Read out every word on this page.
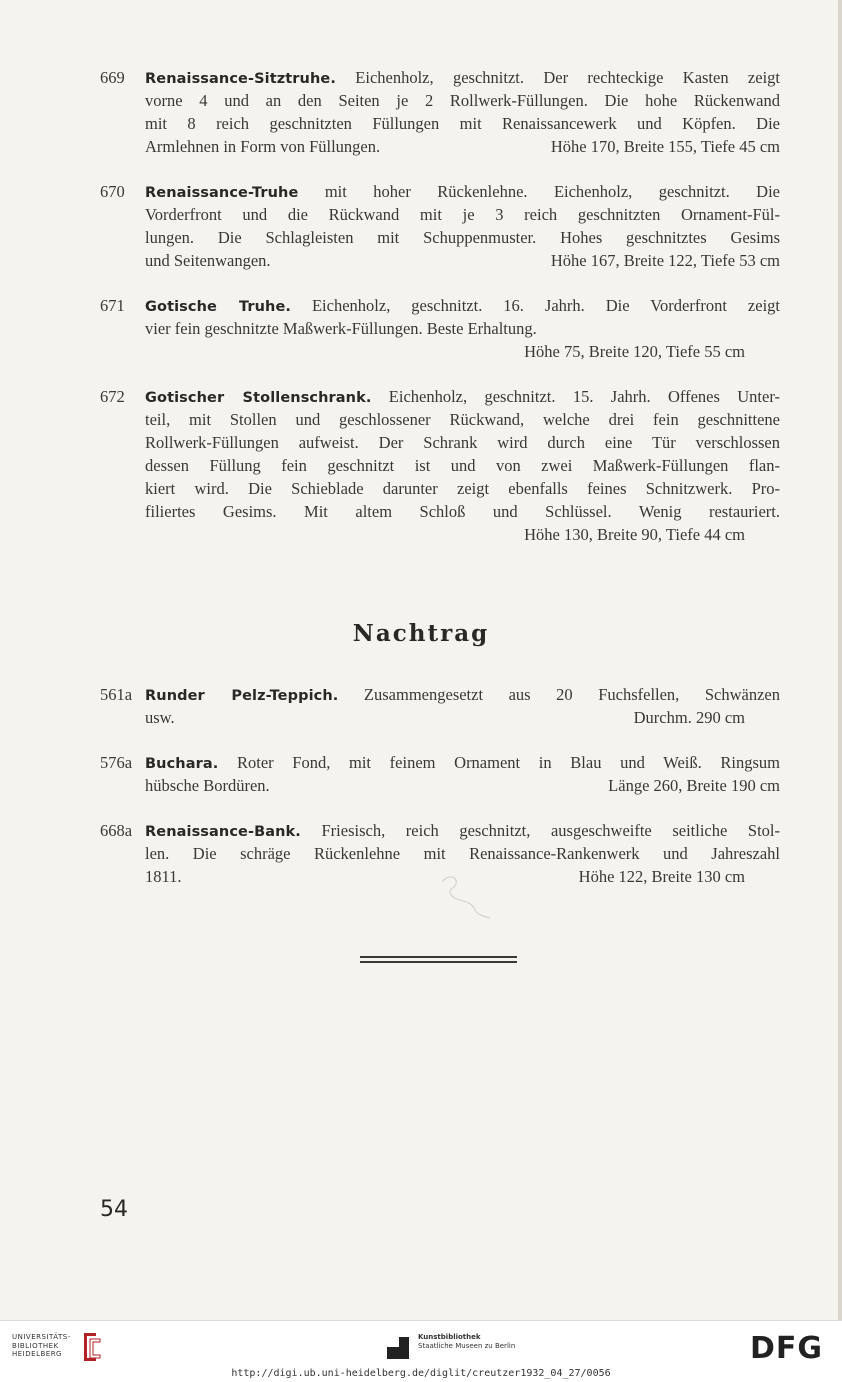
669	Renaissance-Sitztruhe. Eichenholz, geschnitzt. Der rechteckige Kasten zeigt
vorne 4 und an den Seiten je 2 Rollwerk-Füllungen. Die hohe Rückenwand
mit 8 reich geschnitzten Füllungen mit Renaissancewerk und Köpfen. Die
Armlehnen in Form von Füllungen.	Höhe 170, Breite 155, Tiefe 45 cm
670	Renaissance-Truhe mit hoher Rückenlehne. Eichenholz, geschnitzt. Die
Vorderfront und die Rückwand mit je 3 reich geschnitzten Ornament-Fül-
lungen. Die Schlagleisten mit Schuppenmuster. Hohes geschnitztes Gesims
und Seitenwangen.	Höhe 167, Breite 122, Tiefe 53 cm
671	Gotische Truhe. Eichenholz, geschnitzt. 16. Jahrh. Die Vorderfront zeigt
vier fein geschnitzte Maßwerk-Füllungen. Beste Erhaltung.
Höhe 75, Breite 120, Tiefe 55 cm
672	Gotischer Stollenschrank. Eichenholz, geschnitzt. 15. Jahrh. Offenes Unter-
teil, mit Stollen und geschlossener Rückwand, welche drei fein geschnittene
Rollwerk-Füllungen aufweist. Der Schrank wird durch eine Tür verschlossen
dessen Füllung fein geschnitzt ist und von zwei Maßwerk-Füllungen flan-
kiert wird. Die Schieblade darunter zeigt ebenfalls feines Schnitzwerk. Pro-
filiertes Gesims. Mit altem Schloß und Schlüssel. Wenig restauriert.
Höhe 130, Breite 90, Tiefe 44 cm
Nachtrag
561a Runder Pelz-Teppich. Zusammengesetzt aus 20 Fuchsfellen, Schwänzen
usw.	Durchm. 290 cm
576a Buchara. Roter Fond, mit feinem Ornament in Blau und Weiß. Ringsum
hübsche Bordüren.	Länge 260, Breite 190 cm
668a Renaissance-Bank. Friesisch, reich geschnitzt, ausgeschweifte seitliche Stol-
len. Die schräge Rückenlehne mit Renaissance-Rankenwerk und Jahreszahl
1811.	Höhe 122, Breite 130 cm
54
UNIVERSITÄTS-
BIBLIOTHEK
HEIDELBERG
Kunstbibliothek
Staatliche Museen zu Berlin	DFG
http://digi.ub.uni-heidelberg.de/diglit/creutzer1932_04_27/0056
